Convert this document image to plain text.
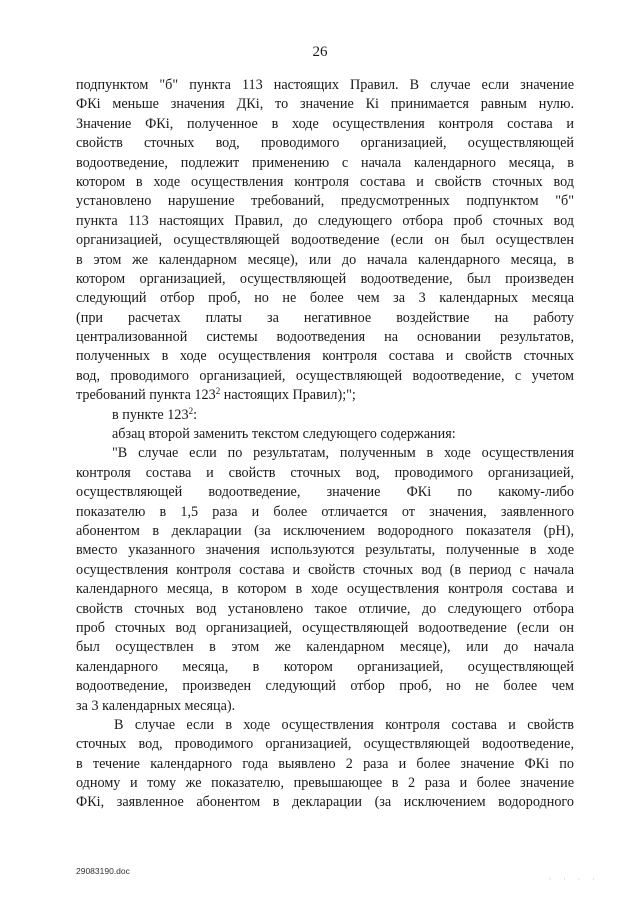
26
подпунктом "б" пункта 113 настоящих Правил. В случае если значение
ФКi меньше значения ДКi, то значение Кi принимается равным нулю.
Значение ФКi, полученное в ходе осуществления контроля состава и
свойств сточных вод, проводимого организацией, осуществляющей
водоотведение, подлежит применению с начала календарного месяца, в
котором в ходе осуществления контроля состава и свойств сточных вод
установлено нарушение требований, предусмотренных подпунктом "б"
пункта 113 настоящих Правил, до следующего отбора проб сточных вод
организацией, осуществляющей водоотведение (если он был осуществлен
в этом же календарном месяце), или до начала календарного месяца, в
котором организацией, осуществляющей водоотведение, был произведен
следующий отбор проб, но не более чем за 3 календарных месяца
(при расчетах платы за негативное воздействие на работу
централизованной системы водоотведения на основании результатов,
полученных в ходе осуществления контроля состава и свойств сточных
вод, проводимого организацией, осуществляющей водоотведение, с учетом
требований пункта $123^2$ настоящих Правил);";
в пункте $123^2$:
абзац второй заменить текстом следующего содержания:
"В случае если по результатам, полученным в ходе осуществления
контроля состава и свойств сточных вод, проводимого организацией,
осуществляющей водоотведение, значение ФКi по какому-либо
показателю в 1,5 раза и более отличается от значения, заявленного
абонентом в декларации (за исключением водородного показателя (рН),
вместо указанного значения используются результаты, полученные в ходе
осуществления контроля состава и свойств сточных вод (в период с начала
календарного месяца, в котором в ходе осуществления контроля состава и
свойств сточных вод установлено такое отличие, до следующего отбора
проб сточных вод организацией, осуществляющей водоотведение (если он
был осуществлен в этом же календарном месяце), или до начала
календарного месяца, в котором организацией, осуществляющей
водоотведение, произведен следующий отбор проб, но не более чем
за 3 календарных месяца).
В случае если в ходе осуществления контроля состава и свойств
сточных вод, проводимого организацией, осуществляющей водоотведение,
в течение календарного года выявлено 2 раза и более значение ФКi по
одному и тому же показателю, превышающее в 2 раза и более значение
ФКi, заявленное абонентом в декларации (за исключением водородного
29083190.doc
· · · ·
